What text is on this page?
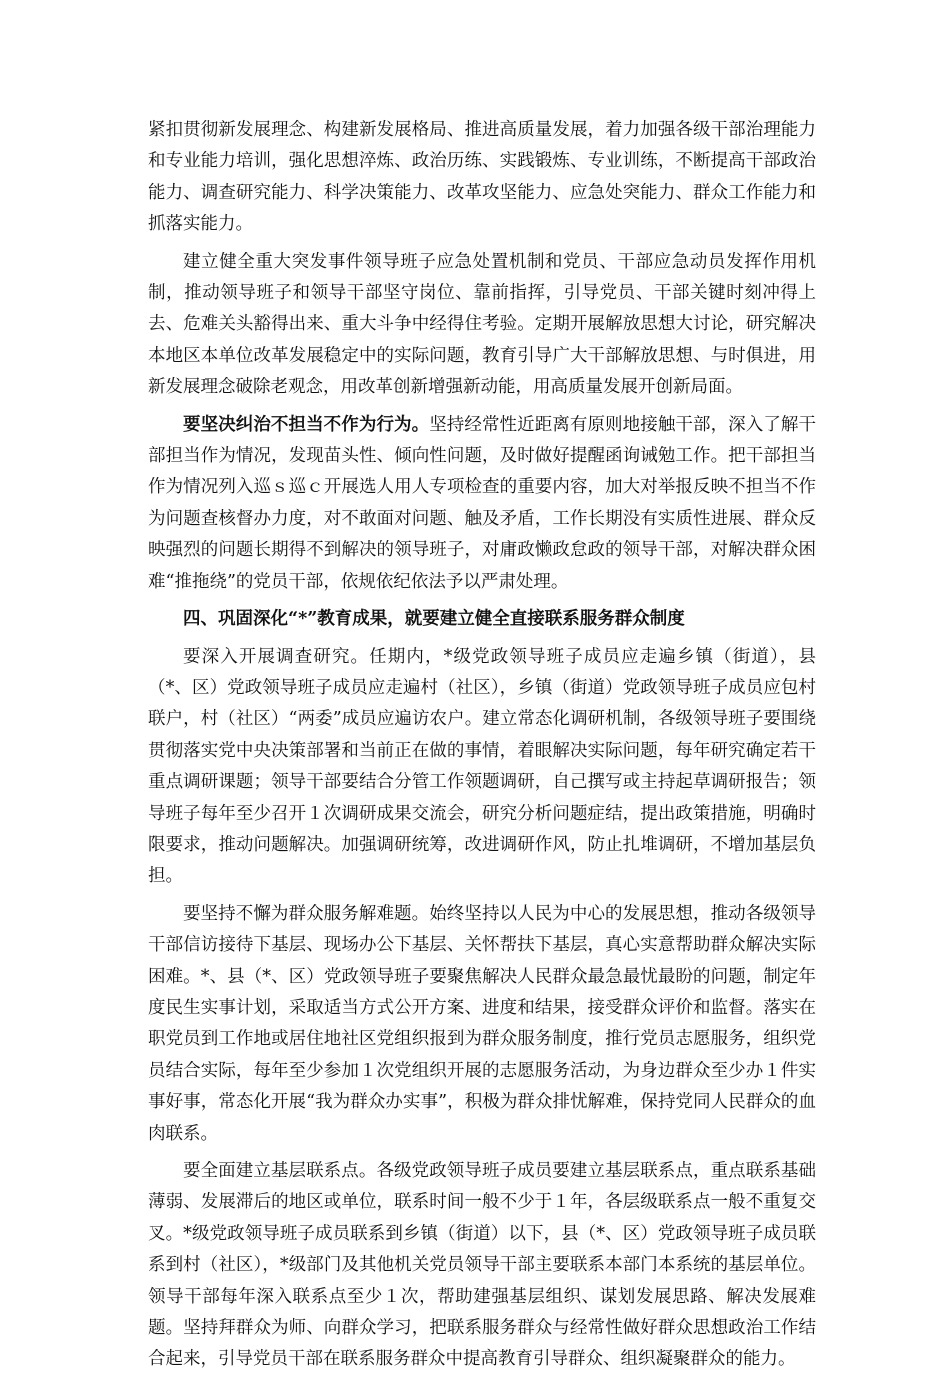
紧扣贯彻新发展理念、构建新发展格局、推进高质量发展，着力加强各级干部治理能力和专业能力培训，强化思想淬炼、政治历练、实践锻炼、专业训练，不断提高干部政治能力、调查研究能力、科学决策能力、改革攻坚能力、应急处突能力、群众工作能力和抓落实能力。

建立健全重大突发事件领导班子应急处置机制和党员、干部应急动员发挥作用机制，推动领导班子和领导干部坚守岗位、靠前指挥，引导党员、干部关键时刻冲得上去、危难关头豁得出来、重大斗争中经得住考验。定期开展解放思想大讨论，研究解决本地区本单位改革发展稳定中的实际问题，教育引导广大干部解放思想、与时俱进，用新发展理念破除老观念，用改革创新增强新动能，用高质量发展开创新局面。

要坚决纠治不担当不作为行为。坚持经常性近距离有原则地接触干部，深入了解干部担当作为情况，发现苗头性、倾向性问题，及时做好提醒函询诫勉工作。把干部担当作为情况列入巡ｓ巡ｃ开展选人用人专项检查的重要内容，加大对举报反映不担当不作为问题查核督办力度，对不敢面对问题、触及矛盾，工作长期没有实质性进展、群众反映强烈的问题长期得不到解决的领导班子，对庸政懒政怠政的领导干部，对解决群众困难“推拖绕”的党员干部，依规依纪依法予以严肃处理。

四、巩固深化“*”教育成果，就要建立健全直接联系服务群众制度

要深入开展调查研究。任期内，*级党政领导班子成员应走遍乡镇（街道），县（*、区）党政领导班子成员应走遍村（社区），乡镇（街道）党政领导班子成员应包村联户，村（社区）“两委”成员应遍访农户。建立常态化调研机制，各级领导班子要围绕贯彻落实党中央决策部署和当前正在做的事情，着眼解决实际问题，每年研究确定若干重点调研课题；领导干部要结合分管工作领题调研，自己撰写或主持起草调研报告；领导班子每年至少召开１次调研成果交流会，研究分析问题症结，提出政策措施，明确时限要求，推动问题解决。加强调研统筹，改进调研作风，防止扎堆调研，不增加基层负担。

要坚持不懈为群众服务解难题。始终坚持以人民为中心的发展思想，推动各级领导干部信访接待下基层、现场办公下基层、关怀帮扶下基层，真心实意帮助群众解决实际困难。*、县（*、区）党政领导班子要聚焦解决人民群众最急最忧最盼的问题，制定年度民生实事计划，采取适当方式公开方案、进度和结果，接受群众评价和监督。落实在职党员到工作地或居住地社区党组织报到为群众服务制度，推行党员志愿服务，组织党员结合实际，每年至少参加１次党组织开展的志愿服务活动，为身边群众至少办１件实事好事，常态化开展“我为群众办实事”，积极为群众排忧解难，保持党同人民群众的血肉联系。

要全面建立基层联系点。各级党政领导班子成员要建立基层联系点，重点联系基础薄弱、发展滞后的地区或单位，联系时间一般不少于１年，各层级联系点一般不重复交叉。*级党政领导班子成员联系到乡镇（街道）以下，县（*、区）党政领导班子成员联系到村（社区），*级部门及其他机关党员领导干部主要联系本部门本系统的基层单位。领导干部每年深入联系点至少１次，帮助建强基层组织、谋划发展思路、解决发展难题。坚持拜群众为师、向群众学习，把联系服务群众与经常性做好群众思想政治工作结合起来，引导党员干部在联系服务群众中提高教育引导群众、组织凝聚群众的能力。
